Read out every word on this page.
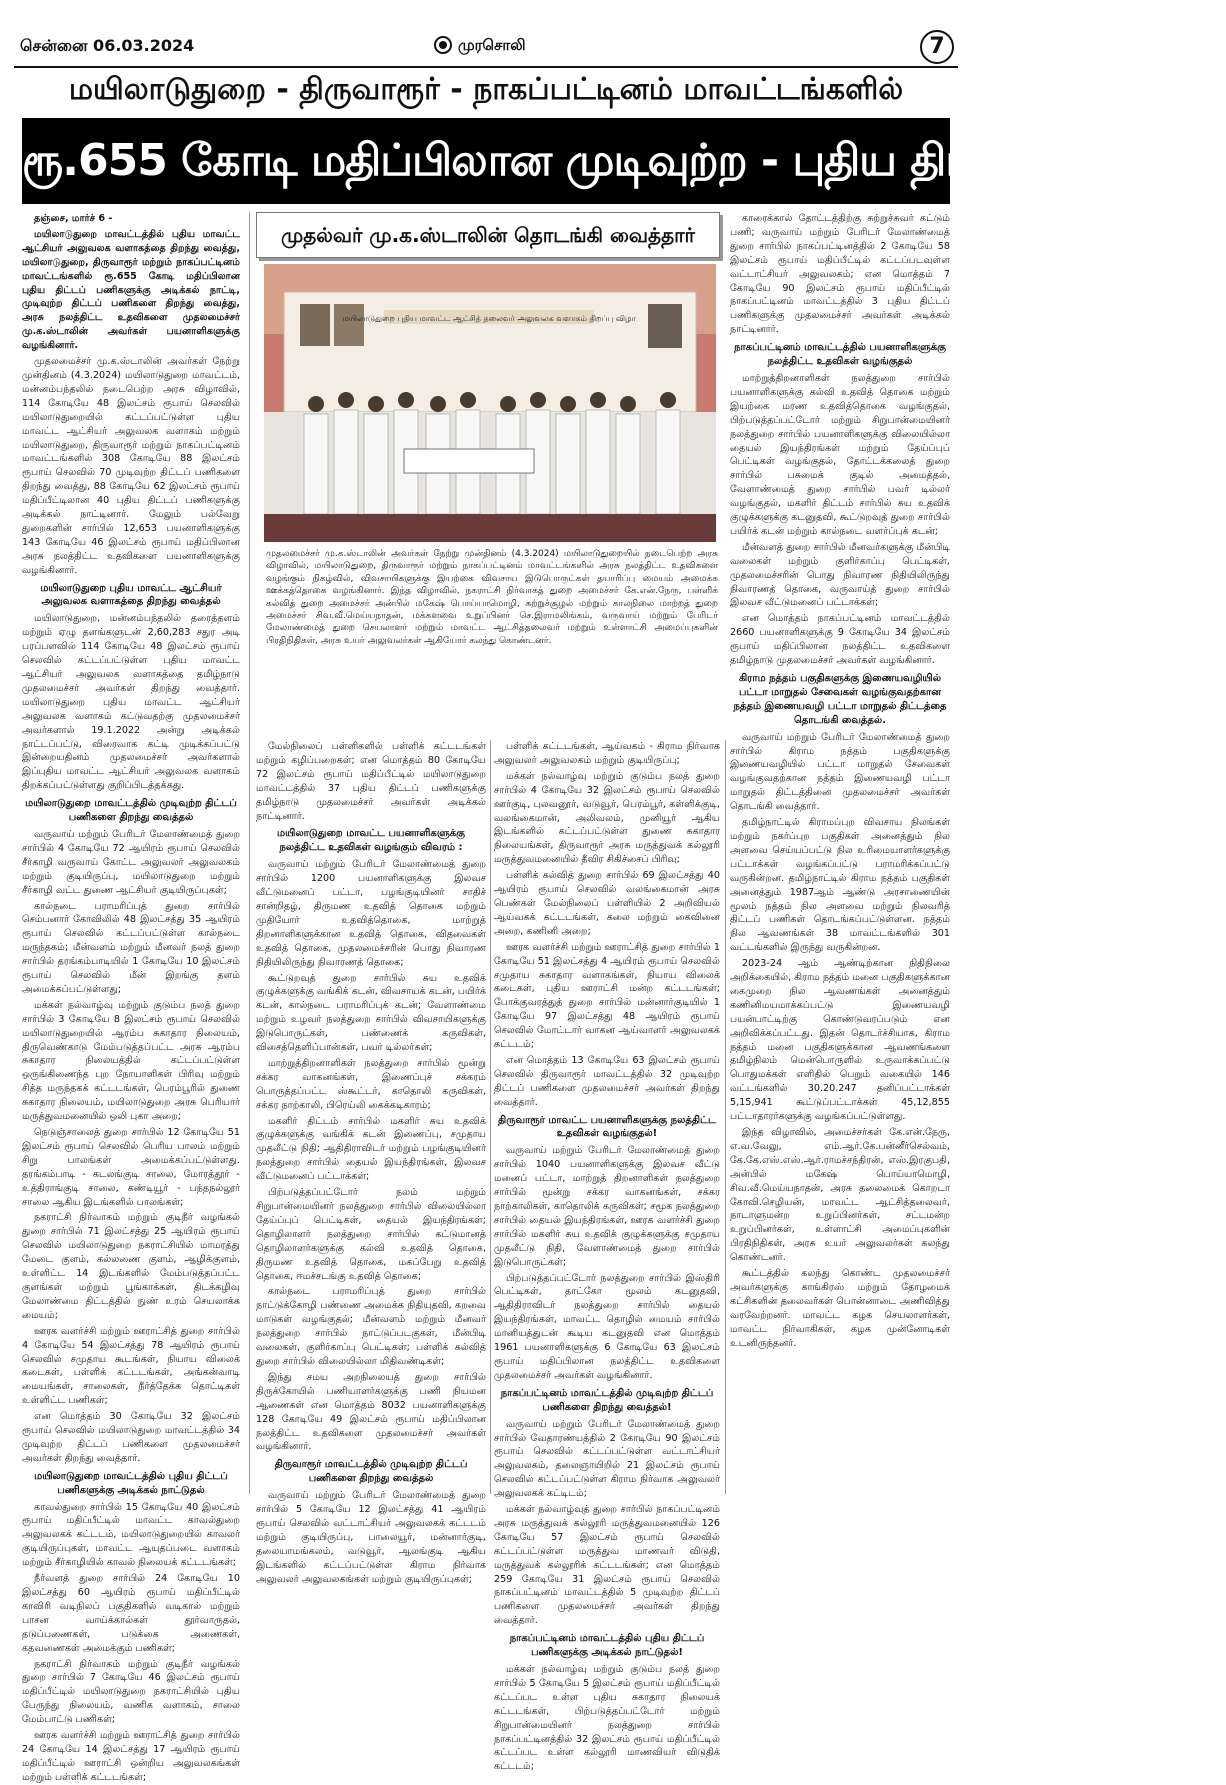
சென்னை 06.03.2024	முரசொலி	7
மயிலாடுதுறை - திருவாரூர் - நாகப்பட்டினம் மாவட்டங்களில்
ரூ.655 கோடி மதிப்பிலான முடிவுற்ற - புதிய திட்டப்பணிகள்!

தஞ்சை, மார்ச் 6 -

மயிலாடுதுறை மாவட்டத்தில் புதிய மாவட்ட ஆட்சியர் அலுவலக வளாகத்தை திறந்து வைத்து, மயிலாடுதுறை, திருவாரூர் மற்றும் நாகப்பட்டினம் மாவட்டங்களில் ரூ.655 கோடி மதிப்பிலான புதிய திட்டப் பணிகளுக்கு அடிக்கல் நாட்டி, முடிவுற்ற திட்டப் பணிகளை திறந்து வைத்து, அரசு நலத்திட்ட உதவிகளை முதலமைச்சர் மு.க.ஸ்டாலின் அவர்கள் பயனாளிகளுக்கு வழங்கினார்.

முதலமைச்சர் மு.க.ஸ்டாலின் அவர்கள் நேற்று முன்தினம் (4.3.2024) மயிலாடுதுறை மாவட்டம், மன்னம்பந்தலில் நடைபெற்ற அரசு விழாவில், 114 கோடியே 48 இலட்சம் ரூபாய் செலவில் மயிலாடுதுறையில் கட்டப்பட்டுள்ள புதிய மாவட்ட ஆட்சியர் அலுவலக வளாகம் மற்றும் மயிலாடுதுறை, திருவாரூர் மற்றும் நாகப்பட்டினம் மாவட்டங்களில் 308 கோடியே 88 இலட்சம் ரூபாய் செலவில் 70 முடிவுற்ற திட்டப் பணிகளை திறந்து வைத்து, 88 கோடியே 62 இலட்சம் ரூபாய் மதிப்பீட்டிலான 40 புதிய திட்டப் பணிகளுக்கு அடிக்கல் நாட்டினார். மேலும் பல்வேறு துறைகளின் சார்பில் 12,653 பயனாளிகளுக்கு 143 கோடியே 46 இலட்சம் ரூபாய் மதிப்பிலான அரசு நலத்திட்ட உதவிகளை பயனாளிகளுக்கு வழங்கினார்.

மயிலாடுதுறை புதிய மாவட்ட ஆட்சியர் அலுவலக வளாகத்தை திறந்து வைத்தல்

மயிலாடுதுறை, மன்னம்பந்தலில் தரைத்தளம் மற்றும் ஏழு தளங்களுடன் 2,60,283 சதுர அடி பரப்பளவில் 114 கோடியே 48 இலட்சம் ரூபாய் செலவில் கட்டப்பட்டுள்ள புதிய மாவட்ட ஆட்சியர் அலுவலக வளாகத்தை தமிழ்நாடு முதலமைச்சர் அவர்கள் திறந்து வைத்தார். மயிலாடுதுறை புதிய மாவட்ட ஆட்சியர் அலுவலக வளாகம் கட்டுவதற்கு முதலமைச்சர் அவர்களால் 19.1.2022 அன்று அடிக்கல் நாட்டப்பட்டு, விரைவாக கட்டி முடிக்கப்பட்டு இன்றையதினம் முதலமைச்சர் அவர்களால் இப்புதிய மாவட்ட ஆட்சியர் அலுவலக வளாகம் திறக்கப்பட்டுள்ளது குறிப்பிடத்தக்கது.

மயிலாடுதுறை மாவட்டத்தில் முடிவுற்ற திட்டப் பணிகளை திறந்து வைத்தல்

வருவாய் மற்றும் பேரிடர் மேலாண்மைத் துறை சார்பில் 4 கோடியே 72 ஆயிரம் ரூபாய் செலவில் சீர்காழி வருவாய் கோட்ட அலுவலர் அலுவலகம் மற்றும் குடியிருப்பு, மயிலாடுதுறை மற்றும் சீர்காழி வட்ட துணை ஆட்சியர் குடியிருப்புகள்;

கால்நடை பராமரிப்புத் துறை சார்பில் செம்பனார் கோவிலில் 48 இலட்சத்து 35 ஆயிரம் ரூபாய் செலவில் கட்டப்பட்டுள்ள கால்நடை மருந்தகம்; மீன்வளம் மற்றும் மீனவர் நலத் துறை சார்பில் தரங்கம்பாடியில் 1 கோடியே 10 இலட்சம் ரூபாய் செலவில் மீன் இறங்கு தளம் அமைக்கப்பட்டுள்ளது;

மக்கள் நல்வாழ்வு மற்றும் குடும்ப நலத் துறை சார்பில் 3 கோடியே 8 இலட்சம் ரூபாய் செலவில் மயிலாடுதுறையில் ஆரம்ப சுகாதார நிலையம், திருவெண்காடு மேம்படுத்தப்பட்ட அரசு ஆரம்ப சுகாதார நிலையத்தில் கட்டப்பட்டுள்ள ஒருங்கிணைந்த புற நோயாளிகள் பிரிவு மற்றும் சித்த மருந்தகக் கட்டடங்கள், பெரம்பூரில் துணை சுகாதார நிலையம், மயிலாடுதுறை அரசு பெரியார் மருத்துவமனையில் ஒலி புகா அறை;

நெடுஞ்சாலைத் துறை சார்பில் 12 கோடியே 51 இலட்சம் ரூபாய் செலவில் பெரிய பாலம் மற்றும் சிறு பாலங்கள் அமைக்கப்பட்டுள்ளது. தரங்கம்பாடி - கடலங்குடி சாலை, மோரத்தூர் - உத்திராங்குடி சாலை, கண்டியூர் - பந்தநல்லூர் சாலை ஆகிய இடங்களில் பாலங்கள்;

நகராட்சி நிர்வாகம் மற்றும் குடிநீர் வழங்கல் துறை சார்பில் 71 இலட்சத்து 25 ஆயிரம் ரூபாய் செலவில் மயிலாடுதுறை நகராட்சியில் மாமரத்து மேடை குளம், கல்லணை குளம், ஆழிக்குளம், உள்ளிட்ட 14 இடங்களில் மேம்படுத்தப்பட்ட குளங்கள் மற்றும் பூங்காக்கள், திடக்கழிவு மேலாண்மை திட்டத்தில் நுண் உரம் செயலாக்க மையம்;

ஊரக வளர்ச்சி மற்றும் ஊராட்சித் துறை சார்பில் 4 கோடியே 54 இலட்சத்து 78 ஆயிரம் ரூபாய் செலவில் சமுதாய கூடங்கள், நியாய விலைக் கடைகள், பள்ளிக் கட்டடங்கள், அங்கன்வாடி மையங்கள், சாலைகள், நீர்த்தேக்க தொட்டிகள் உள்ளிட்ட பணிகள்;

என மொத்தம் 30 கோடியே 32 இலட்சம் ரூபாய் செலவில் மயிலாடுதுறை மாவட்டத்தில் 34 முடிவுற்ற திட்டப் பணிகளை முதலமைச்சர் அவர்கள் திறந்து வைத்தார்.

மயிலாடுதுறை மாவட்டத்தில் புதிய திட்டப் பணிகளுக்கு அடிக்கல் நாட்டுதல்

காவல்துறை சார்பில் 15 கோடியே 40 இலட்சம் ரூபாய் மதிப்பீட்டில் மாவட்ட காவல்துறை அலுவலகக் கட்டடம், மயிலாடுதுறையில் காவலர் குடியிருப்புகள், மாவட்ட ஆயுதப்படை வளாகம் மற்றும் சீர்காழியில் காவல் நிலையக் கட்டடங்கள்;

நீர்வளத் துறை சார்பில் 24 கோடியே 10 இலட்சத்து 60 ஆயிரம் ரூபாய் மதிப்பீட்டில் காவிரி வடிநிலப் பகுதிகளில் வடிகால் மற்றும் பாசன வாய்க்கால்கள் தூர்வாருதல், தடுப்பணைகள், படுக்கை அணைகள், கதவணைகள் அமைக்கும் பணிகள்;

நகராட்சி நிர்வாகம் மற்றும் குடிநீர் வழங்கல் துறை சார்பில் 7 கோடியே 46 இலட்சம் ரூபாய் மதிப்பீட்டில் மயிலாடுதுறை நகராட்சியில் புதிய பேருந்து நிலையம், வணிக வளாகம், சாலை மேம்பாட்டு பணிகள்;

ஊரக வளர்ச்சி மற்றும் ஊராட்சித் துறை சார்பில் 24 கோடியே 14 இலட்சத்து 17 ஆயிரம் ரூபாய் மதிப்பீட்டில் ஊராட்சி ஒன்றிய அலுவலகங்கள் மற்றும் பள்ளிக் கட்டடங்கள்;

முதல்வர் மு.க.ஸ்டாலின் தொடங்கி வைத்தார்
மயிலாடுதுறை புதிய மாவட்ட ஆட்சித் தலைவர் அலுவலக வளாகம் திறப்பு விழா
முதலமைச்சர் மு.க.ஸ்டாலின் அவர்கள் நேற்று முன்தினம் (4.3.2024) மயிலாடுதுறையில் நடைபெற்ற அரசு விழாவில், மயிலாடுதுறை, திருவாரூர் மற்றும் நாகப்பட்டினம் மாவட்டங்களில் அரசு நலத்திட்ட உதவிகளை வழங்கும் நிகழ்வில், விவசாயிகளுக்கு இயற்கை விவசாய இடுபொருட்கள் தயாரிப்பு மையம் அமைக்க ஊக்கத்தொகை வழங்கினார். இந்த விழாவில், நகராட்சி நிர்வாகத் துறை அமைச்சர் கே.என்.நேரு, பள்ளிக் கல்வித் துறை அமைச்சர் அன்பில் மகேஷ் பொய்யாமொழி, சுற்றுச்சூழல் மற்றும் காலநிலை மாற்றத் துறை அமைச்சர் சிவ.வீ.மெய்யநாதன், மக்களவை உறுப்பினர் செ.இராமலிங்கம், வருவாய் மற்றும் பேரிடர் மேலாண்மைத் துறை செயலாளர் மற்றும் மாவட்ட ஆட்சித்தலைவர் மற்றும் உள்ளாட்சி அமைப்புகளின் பிரதிநிதிகள், அரசு உயர் அலுவலர்கள் ஆகியோர் கலந்து கொண்டனர்.

மேல்நிலைப் பள்ளிகளில் பள்ளிக் கட்டடங்கள் மற்றும் கழிப்பறைகள்; என மொத்தம் 80 கோடியே 72 இலட்சம் ரூபாய் மதிப்பீட்டில் மயிலாடுதுறை மாவட்டத்தில் 37 புதிய திட்டப் பணிகளுக்கு தமிழ்நாடு முதலமைச்சர் அவர்கள் அடிக்கல் நாட்டினார்.

மயிலாடுதுறை மாவட்ட பயனாளிகளுக்கு நலத்திட்ட உதவிகள் வழங்கும் விவரம் :

வருவாய் மற்றும் பேரிடர் மேலாண்மைத் துறை சார்பில் 1200 பயனாளிகளுக்கு இலவச வீட்டுமனைப் பட்டா, பழங்குடியினர் சாதிச் சான்றிதழ், திருமண உதவித் தொகை மற்றும் முதியோர் உதவித்தொகை, மாற்றுத் திறனாளிகளுக்கான உதவித் தொகை, விதவைகள் உதவித் தொகை, முதலமைச்சரின் பொது நிவாரண நிதியிலிருந்து நிவாரணத் தொகை;

கூட்டுறவுத் துறை சார்பில் சுய உதவிக் குழுக்களுக்கு வங்கிக் கடன், விவசாயக் கடன், பயிர்க் கடன், கால்நடை பராமரிப்புக் கடன்; வேளாண்மை மற்றும் உழவர் நலத்துறை சார்பில் விவசாயிகளுக்கு இடுபொருட்கள், பண்ணைக் கருவிகள், விசைத்தெளிப்பான்கள், பவர் டில்லர்கள்;

மாற்றுத்திறனாளிகள் நலத்துறை சார்பில் மூன்று சக்கர வாகனங்கள், இணைப்புச் சக்கரம் பொருத்தப்பட்ட ஸ்கூட்டர், காதொலி கருவிகள், சக்கர நாற்காலி, பிரெய்லி கைக்கடிகாரம்;

மகளிர் திட்டம் சார்பில் மகளிர் சுய உதவிக் குழுக்களுக்கு வங்கிக் கடன் இணைப்பு, சமுதாய முதலீட்டு நிதி; ஆதிதிராவிடர் மற்றும் பழங்குடியினர் நலத்துறை சார்பில் தையல் இயந்திரங்கள், இலவச வீட்டுமனைப் பட்டாக்கள்;

பிற்படுத்தப்பட்டோர் நலம் மற்றும் சிறுபான்மையினர் நலத்துறை சார்பில் விலையில்லா தேய்ப்புப் பெட்டிகள், தையல் இயந்திரங்கள்; தொழிலாளர் நலத்துறை சார்பில் கட்டுமானத் தொழிலாளர்களுக்கு கல்வி உதவித் தொகை, திருமண உதவித் தொகை, மகப்பேறு உதவித் தொகை, ஈமச்சடங்கு உதவித் தொகை;

கால்நடை பராமரிப்புத் துறை சார்பில் நாட்டுக்கோழி பண்ணை அமைக்க நிதியுதவி, கறவை மாடுகள் வழங்குதல்; மீன்வளம் மற்றும் மீனவர் நலத்துறை சார்பில் நாட்டுப்படகுகள், மீன்பிடி வலைகள், குளிர்காப்பு பெட்டிகள்; பள்ளிக் கல்வித் துறை சார்பில் விலையில்லா மிதிவண்டிகள்;

இந்து சமய அறநிலையத் துறை சார்பில் திருக்கோயில் பணியாளர்களுக்கு பணி நியமன ஆணைகள் என மொத்தம் 8032 பயனாளிகளுக்கு 128 கோடியே 49 இலட்சம் ரூபாய் மதிப்பிலான நலத்திட்ட உதவிகளை முதலமைச்சர் அவர்கள் வழங்கினார்.

திருவாரூர் மாவட்டத்தில் முடிவுற்ற திட்டப் பணிகளை திறந்து வைத்தல்

வருவாய் மற்றும் பேரிடர் மேலாண்மைத் துறை சார்பில் 5 கோடியே 12 இலட்சத்து 41 ஆயிரம் ரூபாய் செலவில் வட்டாட்சியர் அலுவலகக் கட்டடம் மற்றும் குடியிருப்பு, பாலையூர், மன்னார்குடி, தலையாமங்கலம், வடுவூர், ஆலங்குடி ஆகிய இடங்களில் கட்டப்பட்டுள்ள கிராம நிர்வாக அலுவலர் அலுவலகங்கள் மற்றும் குடியிருப்புகள்;

பள்ளிக் கட்டடங்கள், ஆய்வகம் - கிராம நிர்வாக அலுவலர் அலுவலகம் மற்றும் குடியிருப்பு;

மக்கள் நல்வாழ்வு மற்றும் குடும்ப நலத் துறை சார்பில் 4 கோடியே 32 இலட்சம் ரூபாய் செலவில் ஊர்குடி, புலவனூர், வடுவூர், பெரம்பூர், கள்ளிக்குடி, வலங்கைமான், அலிவலம், முனியூர் ஆகிய இடங்களில் கட்டப்பட்டுள்ள துணை சுகாதார நிலையங்கள், திருவாரூர் அரசு மருத்துவக் கல்லூரி மருத்துவமனையில் தீவிர சிகிச்சைப் பிரிவு;

பள்ளிக் கல்வித் துறை சார்பில் 69 இலட்சத்து 40 ஆயிரம் ரூபாய் செலவில் வலங்கைமான் அரசு பெண்கள் மேல்நிலைப் பள்ளியில் 2 அறிவியல் ஆய்வகக் கட்டடங்கள், கலை மற்றும் கைவினை அறை, கணினி அறை;

ஊரக வளர்ச்சி மற்றும் ஊராட்சித் துறை சார்பில் 1 கோடியே 51 இலட்சத்து 4 ஆயிரம் ரூபாய் செலவில் சமுதாய சுகாதார வளாகங்கள், நியாய விலைக் கடைகள், புதிய ஊராட்சி மன்ற கட்டடங்கள்; போக்குவரத்துத் துறை சார்பில் மன்னார்குடியில் 1 கோடியே 97 இலட்சத்து 48 ஆயிரம் ரூபாய் செலவில் மோட்டார் வாகன ஆய்வாளர் அலுவலகக் கட்டடம்;

என மொத்தம் 13 கோடியே 63 இலட்சம் ரூபாய் செலவில் திருவாரூர் மாவட்டத்தில் 32 முடிவுற்ற திட்டப் பணிகளை முதலமைச்சர் அவர்கள் திறந்து வைத்தார்.

திருவாரூர் மாவட்ட பயனாளிகளுக்கு நலத்திட்ட உதவிகள் வழங்குதல்!

வருவாய் மற்றும் பேரிடர் மேலாண்மைத் துறை சார்பில் 1040 பயனாளிகளுக்கு இலவச வீட்டு மனைப் பட்டா, மாற்றுத் திறனாளிகள் நலத்துறை சார்பில் மூன்று சக்கர வாகனங்கள், சக்கர நாற்காலிகள், காதொலிக் கருவிகள்; சமூக நலத்துறை சார்பில் தையல் இயந்திரங்கள், ஊரக வளர்ச்சி துறை சார்பில் மகளிர் சுய உதவிக் குழுக்களுக்கு சமுதாய முதலீட்டு நிதி, வேளாண்மைத் துறை சார்பில் இடுபொருட்கள்;

பிற்படுத்தப்பட்டோர் நலத்துறை சார்பில் இஸ்திரி பெட்டிகள், தாட்கோ மூலம் கடனுதவி, ஆதிதிராவிடர் நலத்துறை சார்பில் தையல் இயந்திரங்கள், மாவட்ட தொழில் மையம் சார்பில் மானியத்துடன் கூடிய கடனுதவி என மொத்தம் 1961 பயனாளிகளுக்கு 6 கோடியே 63 இலட்சம் ரூபாய் மதிப்பிலான நலத்திட்ட உதவிகளை முதலமைச்சர் அவர்கள் வழங்கினார்.

நாகப்பட்டினம் மாவட்டத்தில் முடிவுற்ற திட்டப் பணிகளை திறந்து வைத்தல்!

வருவாய் மற்றும் பேரிடர் மேலாண்மைத் துறை சார்பில் வேதாரண்யத்தில் 2 கோடியே 90 இலட்சம் ரூபாய் செலவில் கட்டப்பட்டுள்ள வட்டாட்சியர் அலுவலகம், தலைஞாயிறில் 21 இலட்சம் ரூபாய் செலவில் கட்டப்பட்டுள்ள கிராம நிர்வாக அலுவலர் அலுவலகக் கட்டிடம்;

மக்கள் நல்வாழ்வுத் துறை சார்பில் நாகப்பட்டினம் அரசு மருத்துவக் கல்லூரி மருத்துவமனையில் 126 கோடியே 57 இலட்சம் ரூபாய் செலவில் கட்டப்பட்டுள்ள மருத்துவ மாணவர் விடுதி, மருத்துவக் கல்லூரிக் கட்டடங்கள்; என மொத்தம் 259 கோடியே 31 இலட்சம் ரூபாய் செலவில் நாகப்பட்டினம் மாவட்டத்தில் 5 முடிவுற்ற திட்டப் பணிகளை முதலமைச்சர் அவர்கள் திறந்து வைத்தார்.

நாகப்பட்டினம் மாவட்டத்தில் புதிய திட்டப் பணிகளுக்கு அடிக்கல் நாட்டுதல்!

மக்கள் நல்வாழ்வு மற்றும் குடும்ப நலத் துறை சார்பில் 5 கோடியே 5 இலட்சம் ரூபாய் மதிப்பீட்டில் கட்டப்பட உள்ள புதிய சுகாதார நிலையக் கட்டடங்கள், பிற்படுத்தப்பட்டோர் மற்றும் சிறுபான்மையினர் நலத்துறை சார்பில் நாகப்பட்டினத்தில் 32 இலட்சம் ரூபாய் மதிப்பீட்டில் கட்டப்பட உள்ள கல்லூரி மாணவியர் விடுதிக் கட்டடம்;

காரைக்கால் தோட்டத்திற்கு சுற்றுச்சுவர் கட்டும் பணி; வருவாய் மற்றும் பேரிடர் மேலாண்மைத் துறை சார்பில் நாகப்பட்டினத்தில் 2 கோடியே 58 இலட்சம் ரூபாய் மதிப்பீட்டில் கட்டப்படவுள்ள வட்டாட்சியர் அலுவலகம்; என மொத்தம் 7 கோடியே 90 இலட்சம் ரூபாய் மதிப்பீட்டில் நாகப்பட்டினம் மாவட்டத்தில் 3 புதிய திட்டப் பணிகளுக்கு முதலமைச்சர் அவர்கள் அடிக்கல் நாட்டினார்.

நாகப்பட்டினம் மாவட்டத்தில் பயனாளிகளுக்கு நலத்திட்ட உதவிகள் வழங்குதல்

மாற்றுத்திறனாளிகள் நலத்துறை சார்பில் பயனாளிகளுக்கு கல்வி உதவித் தொகை மற்றும் இயற்கை மரண உதவித்தொகை வழங்குதல், பிற்படுத்தப்பட்டோர் மற்றும் சிறுபான்மையினர் நலத்துறை சார்பில் பயனாளிகளுக்கு விலையில்லா தையல் இயந்திரங்கள் மற்றும் தேய்ப்புப் பெட்டிகள் வழங்குதல், தோட்டக்கலைத் துறை சார்பில் பசுமைக் குடில் அமைத்தல், வேளாண்மைத் துறை சார்பில் பவர் டில்லர் வழங்குதல், மகளிர் திட்டம் சார்பில் சுய உதவிக் குழுக்களுக்கு கடனுதவி, கூட்டுறவுத் துறை சார்பில் பயிர்க் கடன் மற்றும் கால்நடை வளர்ப்புக் கடன்;

மீன்வளத் துறை சார்பில் மீனவர்களுக்கு மீன்பிடி வலைகள் மற்றும் குளிர்காப்பு பெட்டிகள், முதலமைச்சரின் பொது நிவாரண நிதியிலிருந்து நிவாரணத் தொகை, வருவாய்த் துறை சார்பில் இலவச வீட்டுமனைப் பட்டாக்கள்;

என மொத்தம் நாகப்பட்டினம் மாவட்டத்தில் 2660 பயனாளிகளுக்கு 9 கோடியே 34 இலட்சம் ரூபாய் மதிப்பிலான நலத்திட்ட உதவிகளை தமிழ்நாடு முதலமைச்சர் அவர்கள் வழங்கினார்.

கிராம நத்தம் பகுதிகளுக்கு இணையவழியில் பட்டா மாறுதல் சேவைகள் வழங்குவதற்கான நத்தம் இணையவழி பட்டா மாறுதல் திட்டத்தை தொடங்கி வைத்தல்.

வருவாய் மற்றும் பேரிடர் மேலாண்மைத் துறை சார்பில் கிராம நத்தம் பகுதிகளுக்கு இணையவழியில் பட்டா மாறுதல் சேவைகள் வழங்குவதற்கான நத்தம் இணையவழி பட்டா மாறுதல் திட்டத்தினை முதலமைச்சர் அவர்கள் தொடங்கி வைத்தார்.

தமிழ்நாட்டில் கிராமப்புற விவசாய நிலங்கள் மற்றும் நகர்ப்புற பகுதிகள் அனைத்தும் நில அளவை செய்யப்பட்டு நில உரிமையாளர்களுக்கு பட்டாக்கள் வழங்கப்பட்டு பராமரிக்கப்பட்டு வருகின்றன. தமிழ்நாட்டில் கிராம நத்தம் பகுதிகள் அனைத்தும் 1987ஆம் ஆண்டு அரசாணையின் மூலம் நத்தம் நில அளவை மற்றும் நிலவரித் திட்டப் பணிகள் தொடங்கப்பட்டுள்ளன. நத்தம் நில ஆவணங்கள் 38 மாவட்டங்களில் 301 வட்டங்களில் இருந்து வருகின்றன.

2023-24 ஆம் ஆண்டிற்கான நிதிநிலை அறிக்கையில், கிராம நத்தம் மனை பகுதிகளுக்கான கைமுறை நில ஆவணங்கள் அனைத்தும் கணினிமயமாக்கப்பட்டு இணையவழி பயன்பாட்டிற்கு கொண்டுவரப்படும் என அறிவிக்கப்பட்டது. இதன் தொடர்ச்சியாக, கிராம நத்தம் மனை பகுதிகளுக்கான ஆவணங்களை தமிழ்நிலம் மென்பொருளில் உருவாக்கப்பட்டு பொதுமக்கள் எளிதில் பெறும் வகையில் 146 வட்டங்களில் 30.20.247 தனிப்பட்டாக்கள் 5,15,941 கூட்டுப்பட்டாக்கள் 45,12,855 பட்டாதாரர்களுக்கு வழங்கப்பட்டுள்ளது.

இந்த விழாவில், அமைச்சர்கள் கே.என்.நேரு, எ.வ.வேலு, எம்.ஆர்.கே.பன்னீர்செல்வம், கே.கே.எஸ்.எஸ்.ஆர்.ராமச்சந்திரன், எஸ்.இரகுபதி, அன்பில் மகேஷ் பொய்யாமொழி, சிவ.வீ.மெய்யநாதன், அரசு தலைமைக் கொறடா கோவி.செழியன், மாவட்ட ஆட்சித்தலைவர், நாடாளுமன்ற உறுப்பினர்கள், சட்டமன்ற உறுப்பினர்கள், உள்ளாட்சி அமைப்புகளின் பிரதிநிதிகள், அரசு உயர் அலுவலர்கள் கலந்து கொண்டனர்.

கூட்டத்தில் கலந்து கொண்ட முதலமைச்சர் அவர்களுக்கு காங்கிரஸ் மற்றும் தோழமைக் கட்சிகளின் தலைவர்கள் பொன்னாடை அணிவித்து வரவேற்றனர். மாவட்ட கழக செயலாளர்கள், மாவட்ட நிர்வாகிகள், கழக முன்னோடிகள் உடனிருந்தனர்.
